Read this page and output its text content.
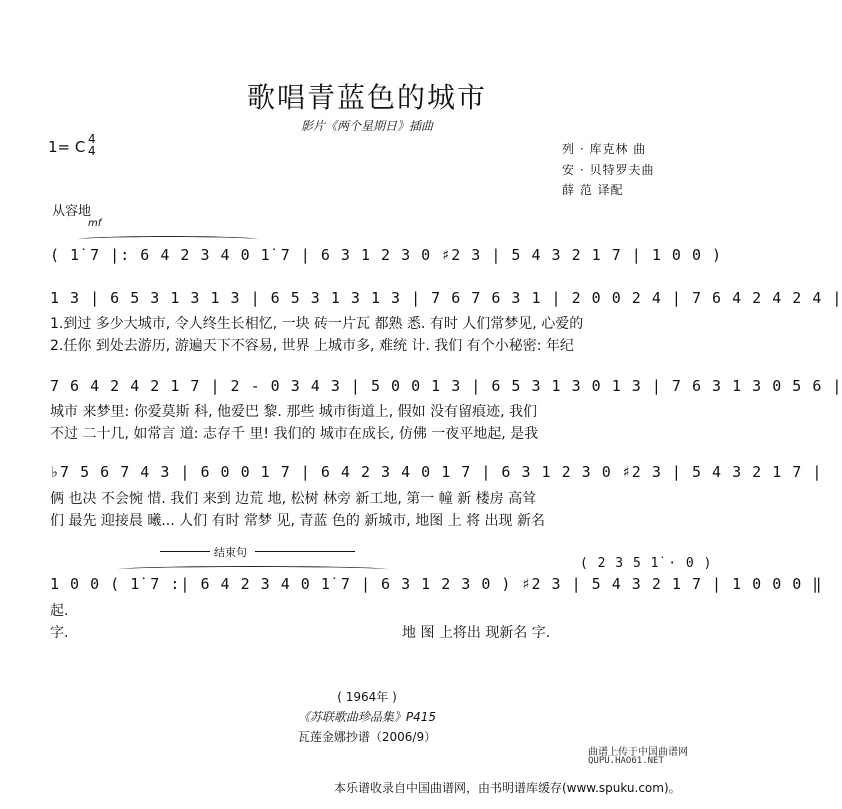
歌唱青蓝色的城市
影片《两个星期日》插曲
1= C 4
4	列 · 库克林 曲
安 · 贝特罗夫曲
薛 范 译配
从容地
mf
( 1̇ 7 |: 6 4 2 3 4 0 1̇ 7 | 6 3 1 2 3 0 ♯2 3 | 5 4 3 2 1 7 | 1 0 0 )
1 3 | 6 5 3 1 3 1 3 | 6 5 3 1 3 1 3 | 7 6 7 6 3 1 | 2 0 0 2 4 | 7 6 4 2 4 2 4 |
1.到过 多少大城市, 令人终生长相忆, 一块 砖一片瓦 都熟 悉. 有时 人们常梦见, 心爱的
2.任你 到处去游历, 游遍天下不容易, 世界 上城市多, 难统 计. 我们 有个小秘密: 年纪
7 6 4 2 4 2 1 7 | 2 - 0 3 4 3 | 5 0 0 1 3 | 6 5 3 1 3 0 1 3 | 7 6 3 1 3 0 5 6 |
城市 来梦里: 你爱莫斯 科, 他爱巴 黎. 那些 城市街道上, 假如 没有留痕迹, 我们
不过 二十几, 如常言 道: 志存千 里! 我们的 城市在成长, 仿佛 一夜平地起, 是我
♭7 5 6 7 4 3 | 6 0 0 1 7 | 6 4 2 3 4 0 1 7 | 6 3 1 2 3 0 ♯2 3 | 5 4 3 2 1 7 |
俩 也决 不会惋 惜. 我们 来到 边荒 地, 松树 林旁 新工地, 第一 幢 新 楼房 高耸
们 最先 迎接晨 曦... 人们 有时 常梦 见, 青蓝 色的 新城市, 地图 上 将 出现 新名
结束句
( 2 3 5 1̇ · 0 )
1 0 0 ( 1̇ 7 :| 6 4 2 3 4 0 1̇ 7 | 6 3 1 2 3 0 ) ♯2 3 | 5 4 3 2 1 7 | 1 0 0 0 ‖
起.
字.	地 图 上将出 现新名 字.
( 1964年 )
《苏联歌曲珍品集》P415
瓦莲金娜抄谱（2006/9）
曲谱上传于中国曲谱网
QUPU.HAO61.NET
本乐谱收录自中国曲谱网，由书明谱库缓存(www.spuku.com)。
